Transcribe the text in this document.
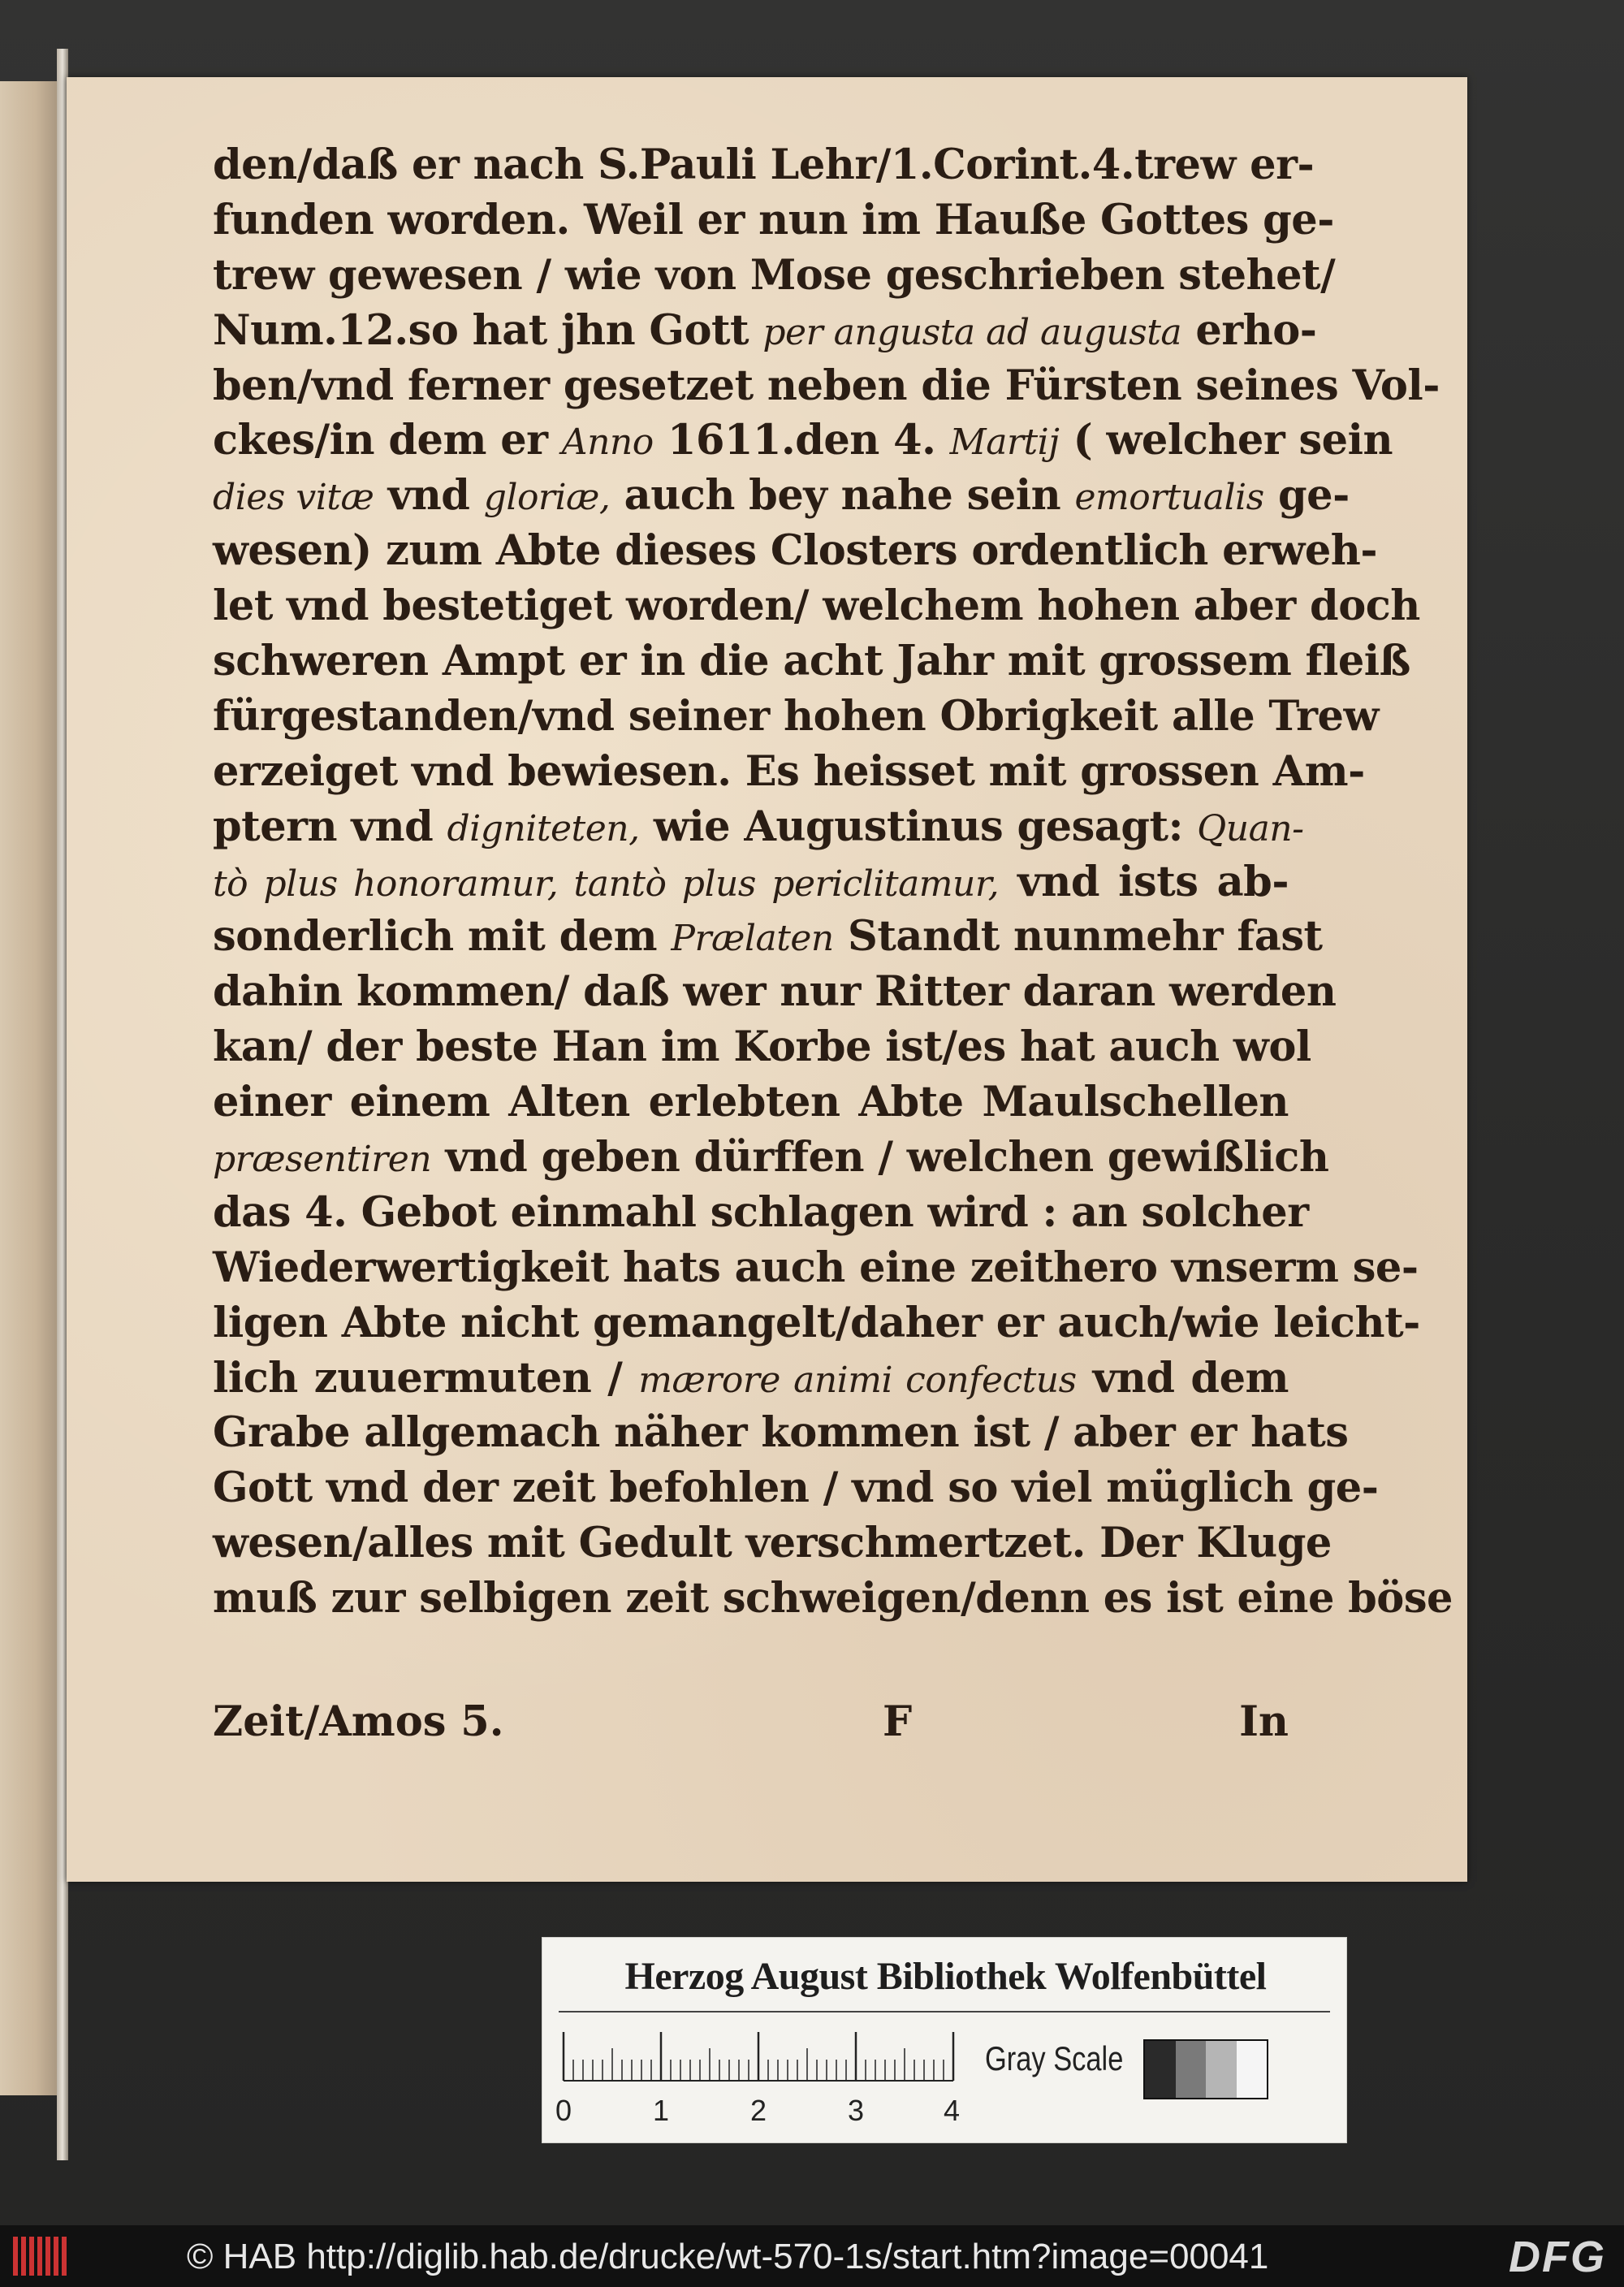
den/daß er nach S.Pauli Lehr/1.Corint.4.trew er-
funden worden. Weil er nun im Hauße Gottes ge-
trew gewesen / wie von Mose geschrieben stehet/
Num.12.so hat jhn Gott per angusta ad augusta erho-
ben/vnd ferner gesetzet neben die Fürsten seines Vol-
ckes/in dem er Anno 1611.den 4. Martij ( welcher sein
dies vitæ vnd gloriæ, auch bey nahe sein emortualis ge-
wesen) zum Abte dieses Closters ordentlich erweh-
let vnd bestetiget worden/ welchem hohen aber doch
schweren Ampt er in die acht Jahr mit grossem fleiß
fürgestanden/vnd seiner hohen Obrigkeit alle Trew
erzeiget vnd bewiesen. Es heisset mit grossen Am-
ptern vnd digniteten, wie Augustinus gesagt: Quan-
tò plus honoramur, tantò plus periclitamur, vnd ists ab-
sonderlich mit dem Prælaten Standt nunmehr fast
dahin kommen/ daß wer nur Ritter daran werden
kan/ der beste Han im Korbe ist/es hat auch wol
einer einem Alten erlebten Abte Maulschellen
præsentiren vnd geben dürffen / welchen gewißlich
das 4. Gebot einmahl schlagen wird : an solcher
Wiederwertigkeit hats auch eine zeithero vnserm se-
ligen Abte nicht gemangelt/daher er auch/wie leicht-
lich zuuermuten / mærore animi confectus vnd dem
Grabe allgemach näher kommen ist / aber er hats
Gott vnd der zeit befohlen / vnd so viel müglich ge-
wesen/alles mit Gedult verschmertzet. Der Kluge
muß zur selbigen zeit schweigen/denn es ist eine böse
Zeit/Amos 5.	F	In
Herzog August Bibliothek Wolfenbüttel
0	1	2	3	4
Gray Scale
© HAB http://diglib.hab.de/drucke/wt-570-1s/start.htm?image=00041	DFG
